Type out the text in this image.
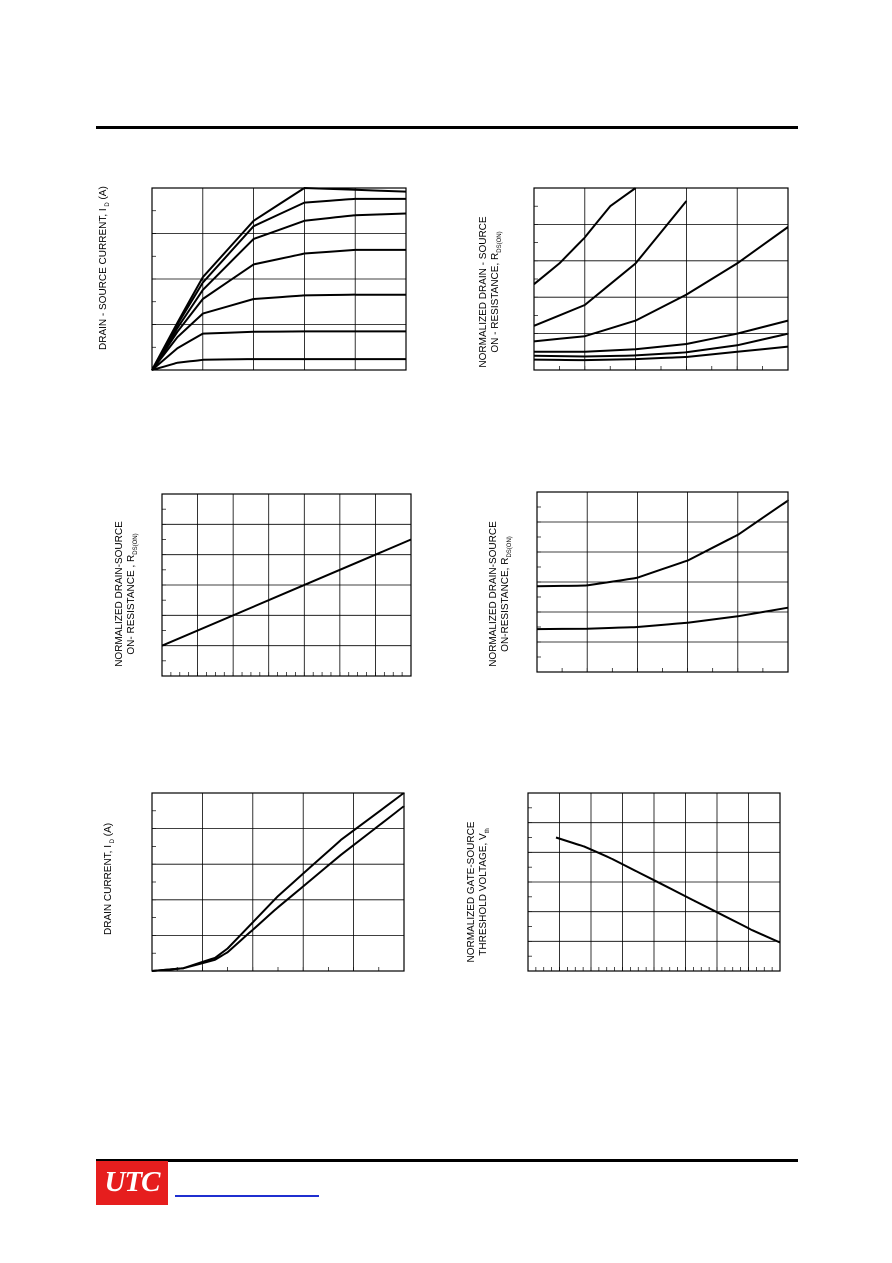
DRAIN - SOURCE CURRENT, I $_D$ (A)
NORMALIZED DRAIN - SOURCE
ON - RESISTANCE, $R_{DS(ON)}$
NORMALIZED DRAIN-SOURCE
ON- RESISTANCE , $R_{DS(ON)}$	NORMALIZED DRAIN-SOURCE
ON-RESISTANCE, $R_{DS(ON)}$
DRAIN CURRENT, I $_D$ (A)	NORMALIZED GATE-SOURCE
THRESHOLD VOLTAGE, $V_{th}$
UTC
